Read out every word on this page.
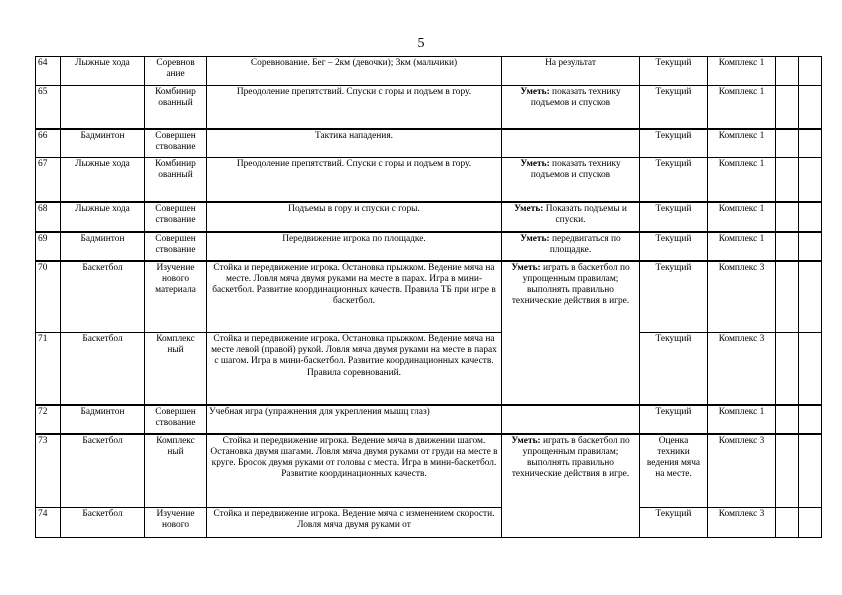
5
64	Лыжные хода	Соревнов ание	Соревнование. Бег – 2км (девочки); 3км (мальчики)	На результат	Текущий	Комплекс 1		
65		Комбинир ованный	Преодоление препятствий. Спуски с горы и подъем в гору.	Уметь: показать технику подъемов и спусков	Текущий	Комплекс 1		
66	Бадминтон	Совершен ствование	Тактика нападения.		Текущий	Комплекс 1		
67	Лыжные хода	Комбинир ованный	Преодоление препятствий. Спуски с горы и подъем в гору.	Уметь: показать технику подъемов и спусков	Текущий	Комплекс 1		
68	Лыжные хода	Совершен ствование	Подъемы в гору и спуски с горы.	Уметь: Показать подъемы и спуски.	Текущий	Комплекс 1		
69	Бадминтон	Совершен ствование	Передвижение игрока по площадке.	Уметь: передвигаться по площадке.	Текущий	Комплекс 1		
70	Баскетбол	Изучение нового материала	Стойка и передвижение игрока. Остановка прыжком. Ведение мяча на месте. Ловля мяча двумя руками на месте в парах. Игра в мини-баскетбол. Развитие координационных качеств. Правила ТБ при игре в баскетбол.	Уметь: играть в баскетбол по упрощенным правилам; выполнять правильно технические действия в игре.	Текущий	Комплекс 3		
71	Баскетбол	Комплекс ный	Стойка и передвижение игрока. Остановка прыжком. Ведение мяча на месте левой (правой) рукой. Ловля мяча двумя руками на месте в парах с шагом. Игра в мини-баскетбол. Развитие координационных качеств. Правила соревнований.		Текущий	Комплекс 3		
72	Бадминтон	Совершен ствование	Учебная игра (упражнения для укрепления мышц глаз)		Текущий	Комплекс 1		
73	Баскетбол	Комплекс ный	Стойка и передвижение игрока. Ведение мяча в движении шагом. Остановка двумя шагами. Ловля мяча двумя руками от груди на месте в круге. Бросок двумя руками от головы с места. Игра в мини-баскетбол. Развитие координационных качеств.	Уметь: играть в баскетбол по упрощенным правилам; выполнять правильно технические действия в игре.	Оценка техники ведения мяча на месте.	Комплекс 3		
74	Баскетбол	Изучение нового	Стойка и передвижение игрока. Ведение мяча с изменением скорости. Ловля мяча двумя руками от		Текущий	Комплекс 3		
